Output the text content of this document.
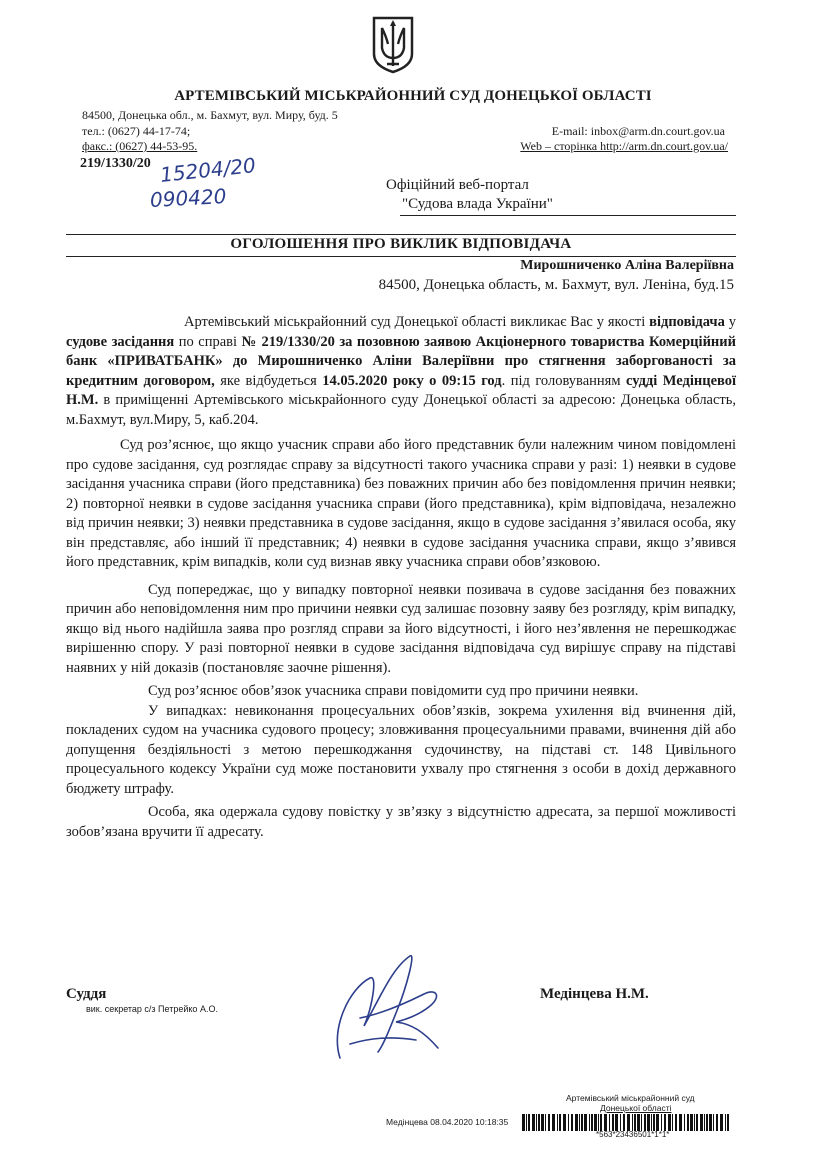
АРТЕМІВСЬКИЙ МІСЬКРАЙОННИЙ СУД ДОНЕЦЬКОЇ ОБЛАСТІ
84500, Донецька обл., м. Бахмут, вул. Миру, буд. 5
тел.: (0627) 44-17-74;
факс.: (0627) 44-53-95.
E-mail: inbox@arm.dn.court.gov.ua
Web – сторінка http://arm.dn.court.gov.ua/
219/1330/20 15204/20
090420	Офіційний веб-портал
"Судова влада України"
ОГОЛОШЕННЯ ПРО ВИКЛИК ВІДПОВІДАЧА
Мирошниченко Аліна Валеріївна
84500, Донецька область, м. Бахмут, вул. Леніна, буд.15

Артемівський міськрайонний суд Донецької області викликає Вас у якості відповідача у судове засідання по справі № 219/1330/20 за позовною заявою Акціонерного товариства Комерційний банк «ПРИВАТБАНК» до Мирошниченко Аліни Валеріївни про стягнення заборгованості за кредитним договором, яке відбудеться 14.05.2020 року о 09:15 год. під головуванням судді Медінцевої Н.М. в приміщенні Артемівського міськрайонного суду Донецької області за адресою: Донецька область, м.Бахмут, вул.Миру, 5, каб.204.

Суд роз’яснює, що якщо учасник справи або його представник були належним чином повідомлені про судове засідання, суд розглядає справу за відсутності такого учасника справи у разі: 1) неявки в судове засідання учасника справи (його представника) без поважних причин або без повідомлення причин неявки; 2) повторної неявки в судове засідання учасника справи (його представника), крім відповідача, незалежно від причин неявки; 3) неявки представника в судове засідання, якщо в судове засідання з’явилася особа, яку він представляє, або інший її представник; 4) неявки в судове засідання учасника справи, якщо з’явився його представник, крім випадків, коли суд визнав явку учасника справи обов’язковою.

Суд попереджає, що у випадку повторної неявки позивача в судове засідання без поважних причин або неповідомлення ним про причини неявки суд залишає позовну заяву без розгляду, крім випадку, якщо від нього надійшла заява про розгляд справи за його відсутності, і його нез’явлення не перешкоджає вирішенню спору. У разі повторної неявки в судове засідання відповідача суд вирішує справу на підставі наявних у ній доказів (постановляє заочне рішення).

Суд роз’яснює обов’язок учасника справи повідомити суд про причини неявки.

У випадках: невиконання процесуальних обов’язків, зокрема ухилення від вчинення дій, покладених судом на учасника судового процесу; зловживання процесуальними правами, вчинення дій або допущення бездіяльності з метою перешкоджання судочинству, на підставі ст. 148 Цивільного процесуального кодексу України суд може постановити ухвалу про стягнення з особи в дохід державного бюджету штрафу.

Особа, яка одержала судову повістку у зв’язку з відсутністю адресата, за першої можливості зобов’язана вручити її адресату.

Суддя
вик. секретар с/з Петрейко А.О.
Медінцева Н.М.
Артемівський міськрайонний суд
Донецької області
Медінцева 08.04.2020 10:18:35
*563*23436501*1*1*
